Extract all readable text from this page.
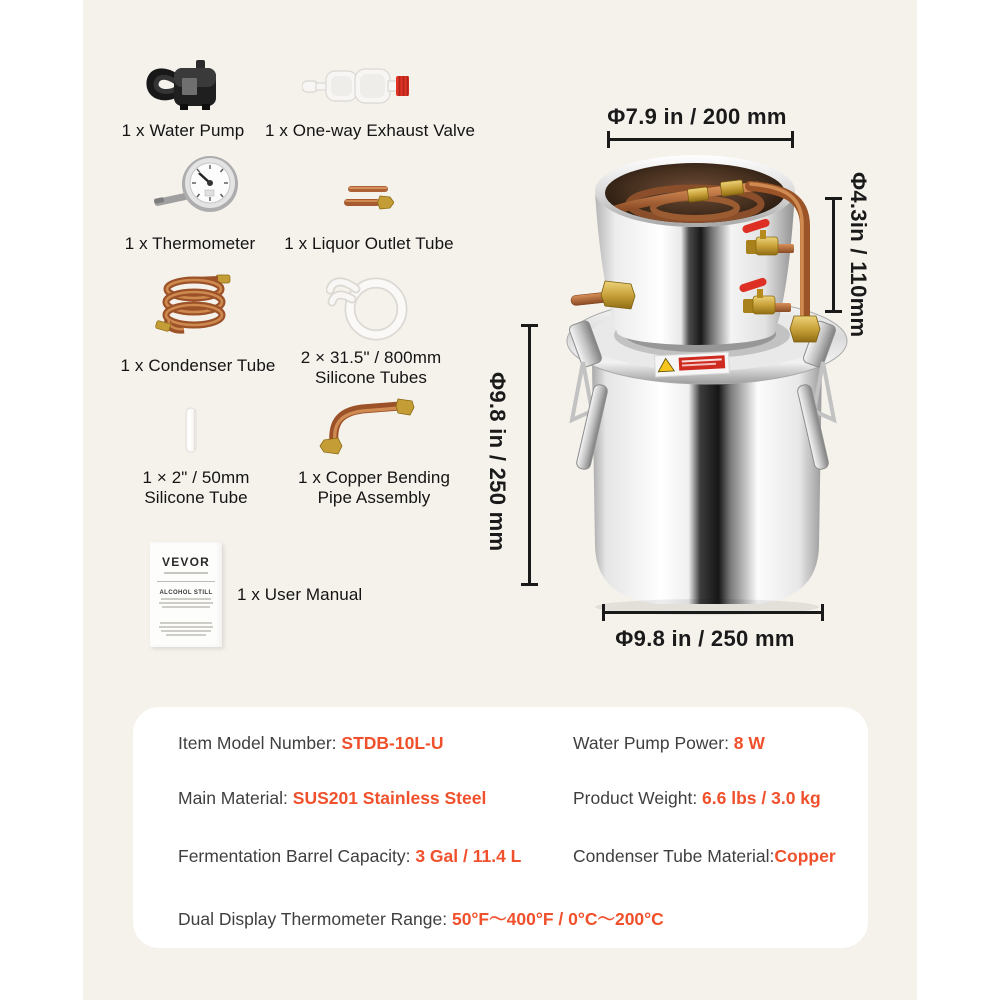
VEVOR
ALCOHOL STILL
1 x Water Pump	1 x One-way Exhaust Valve
1 x Thermometer	1 x Liquor Outlet Tube
1 x Condenser Tube	2 × 31.5" / 800mm
Silicone Tubes
1 × 2" / 50mm
Silicone Tube
1 x Copper Bending
Pipe Assembly
1 x User Manual
Φ7.9 in / 200 mm
Φ4.3in / 110mm
Φ9.8 in / 250 mm
Φ9.8 in / 250 mm
Item Model Number: STDB-10L-U	Water Pump Power: 8 W
Main Material: SUS201 Stainless Steel	Product Weight: 6.6 lbs / 3.0 kg
Fermentation Barrel Capacity: 3 Gal / 11.4 L	Condenser Tube Material:Copper
Dual Display Thermometer Range: 50°F～400°F / 0°C～200°C
